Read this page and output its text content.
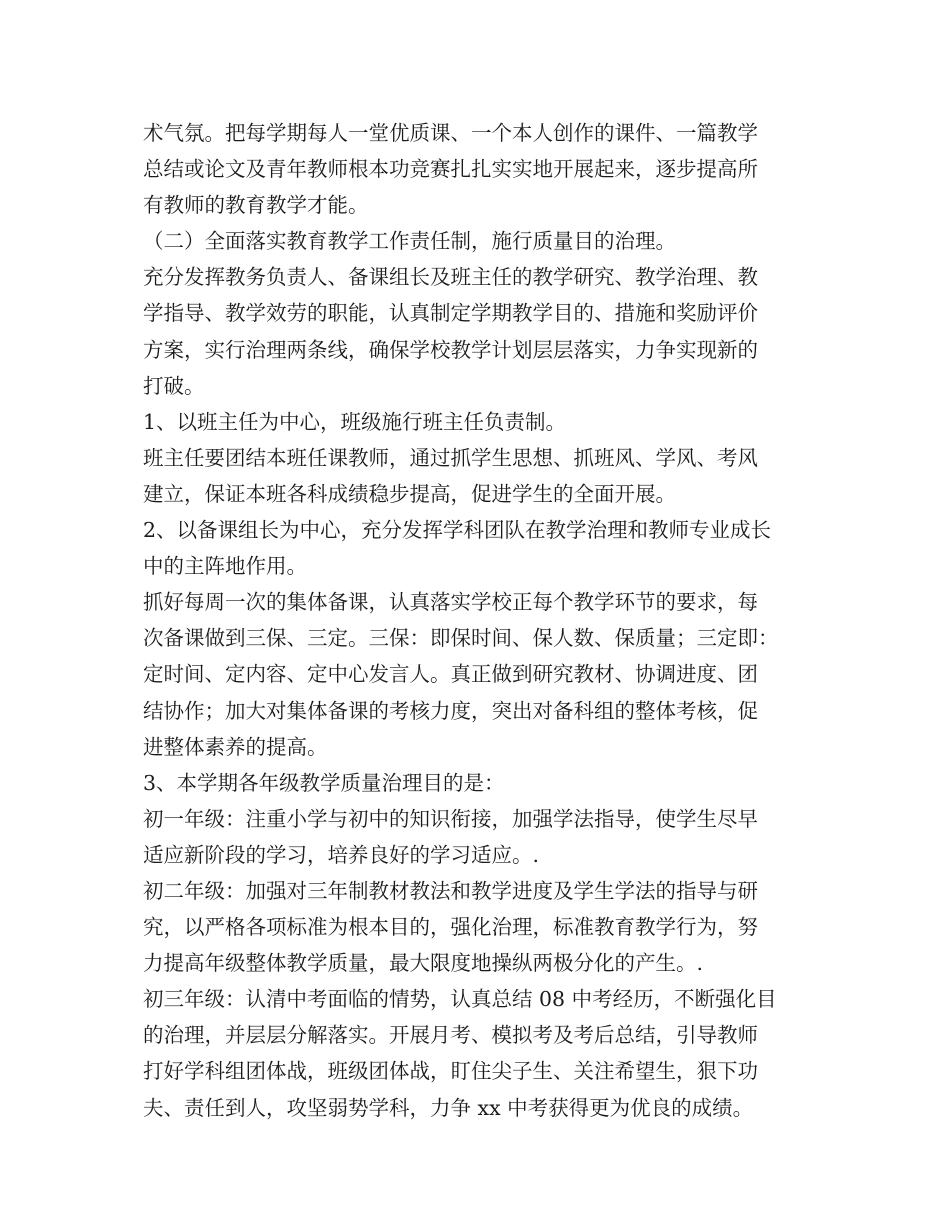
术气氛。把每学期每人一堂优质课、一个本人创作的课件、一篇教学
总结或论文及青年教师根本功竞赛扎扎实实地开展起来，逐步提高所
有教师的教育教学才能。
（二）全面落实教育教学工作责任制，施行质量目的治理。
充分发挥教务负责人、备课组长及班主任的教学研究、教学治理、教
学指导、教学效劳的职能，认真制定学期教学目的、措施和奖励评价
方案，实行治理两条线，确保学校教学计划层层落实，力争实现新的
打破。
1、以班主任为中心，班级施行班主任负责制。
班主任要团结本班任课教师，通过抓学生思想、抓班风、学风、考风
建立，保证本班各科成绩稳步提高，促进学生的全面开展。
2、以备课组长为中心，充分发挥学科团队在教学治理和教师专业成长
中的主阵地作用。
抓好每周一次的集体备课，认真落实学校正每个教学环节的要求，每
次备课做到三保、三定。三保：即保时间、保人数、保质量；三定即：
定时间、定内容、定中心发言人。真正做到研究教材、协调进度、团
结协作；加大对集体备课的考核力度，突出对备科组的整体考核，促
进整体素养的提高。
3、本学期各年级教学质量治理目的是：
初一年级：注重小学与初中的知识衔接，加强学法指导，使学生尽早
适应新阶段的学习，培养良好的学习适应。.
初二年级：加强对三年制教材教法和教学进度及学生学法的指导与研
究，以严格各项标准为根本目的，强化治理，标准教育教学行为，努
力提高年级整体教学质量，最大限度地操纵两极分化的产生。.
初三年级：认清中考面临的情势，认真总结 08 中考经历，不断强化目
的治理，并层层分解落实。开展月考、模拟考及考后总结，引导教师
打好学科组团体战，班级团体战，盯住尖子生、关注希望生，狠下功
夫、责任到人，攻坚弱势学科，力争 xx 中考获得更为优良的成绩。
